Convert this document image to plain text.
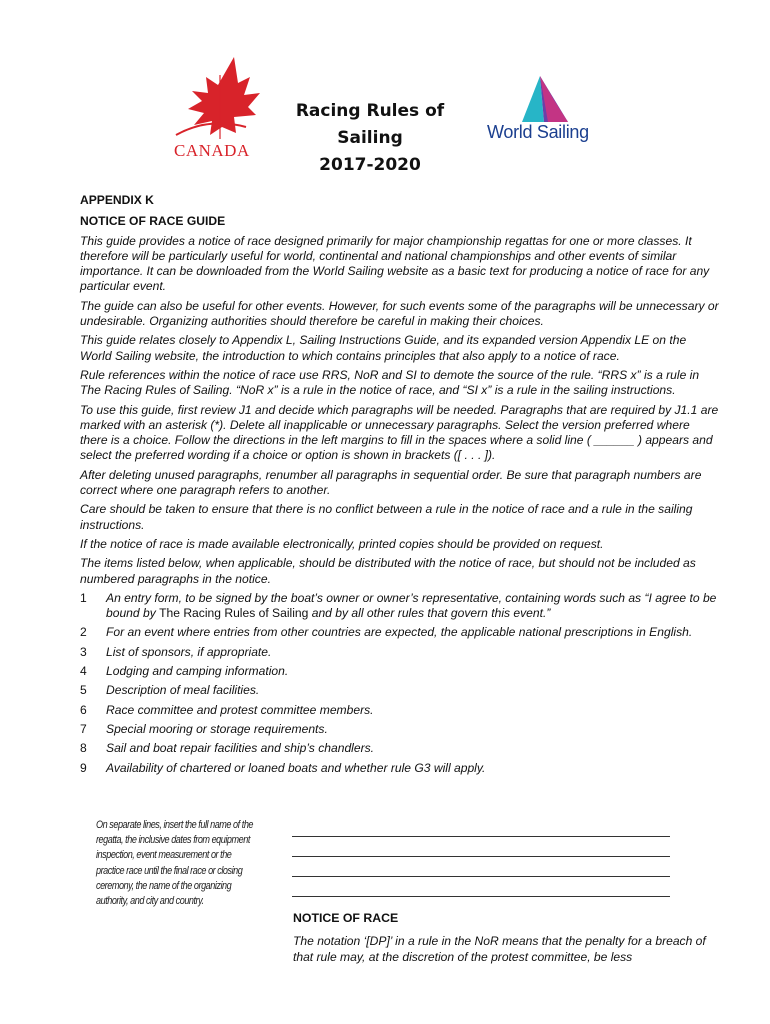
CANADA
Racing Rules of Sailing
2017-2020
World Sailing
APPENDIX K
NOTICE OF RACE GUIDE

This guide provides a notice of race designed primarily for major championship regattas for one or more classes. It therefore will be particularly useful for world, continental and national championships and other events of similar importance. It can be downloaded from the World Sailing website as a basic text for producing a notice of race for any particular event.

The guide can also be useful for other events. However, for such events some of the paragraphs will be unnecessary or undesirable. Organizing authorities should therefore be careful in making their choices.

This guide relates closely to Appendix L, Sailing Instructions Guide, and its expanded version Appendix LE on the World Sailing website, the introduction to which contains principles that also apply to a notice of race.

Rule references within the notice of race use RRS, NoR and SI to demote the source of the rule. “RRS x” is a rule in The Racing Rules of Sailing. “NoR x” is a rule in the notice of race, and “SI x” is a rule in the sailing instructions.

To use this guide, first review J1 and decide which paragraphs will be needed. Paragraphs that are required by J1.1 are marked with an asterisk (*). Delete all inapplicable or unnecessary paragraphs. Select the version preferred where there is a choice. Follow the directions in the left margins to fill in the spaces where a solid line ( ______ ) appears and select the preferred wording if a choice or option is shown in brackets ([ . . . ]).

After deleting unused paragraphs, renumber all paragraphs in sequential order. Be sure that paragraph numbers are correct where one paragraph refers to another.

Care should be taken to ensure that there is no conflict between a rule in the notice of race and a rule in the sailing instructions.

If the notice of race is made available electronically, printed copies should be provided on request.

The items listed below, when applicable, should be distributed with the notice of race, but should not be included as numbered paragraphs in the notice.

1	An entry form, to be signed by the boat’s owner or owner’s representative, containing words such as “I agree to be bound by The Racing Rules of Sailing and by all other rules that govern this event.”
2	For an event where entries from other countries are expected, the applicable national prescriptions in English.
3	List of sponsors, if appropriate.
4	Lodging and camping information.
5	Description of meal facilities.
6	Race committee and protest committee members.
7	Special mooring or storage requirements.
8	Sail and boat repair facilities and ship’s chandlers.
9	Availability of chartered or loaned boats and whether rule G3 will apply.
On separate lines, insert the full name of the regatta, the inclusive dates from equipment inspection, event measurement or the practice race until the final race or closing ceremony, the name of the organizing authority, and city and country.
NOTICE OF RACE
The notation ‘[DP]’ in a rule in the NoR means that the penalty for a breach of that rule may, at the discretion of the protest committee, be less
